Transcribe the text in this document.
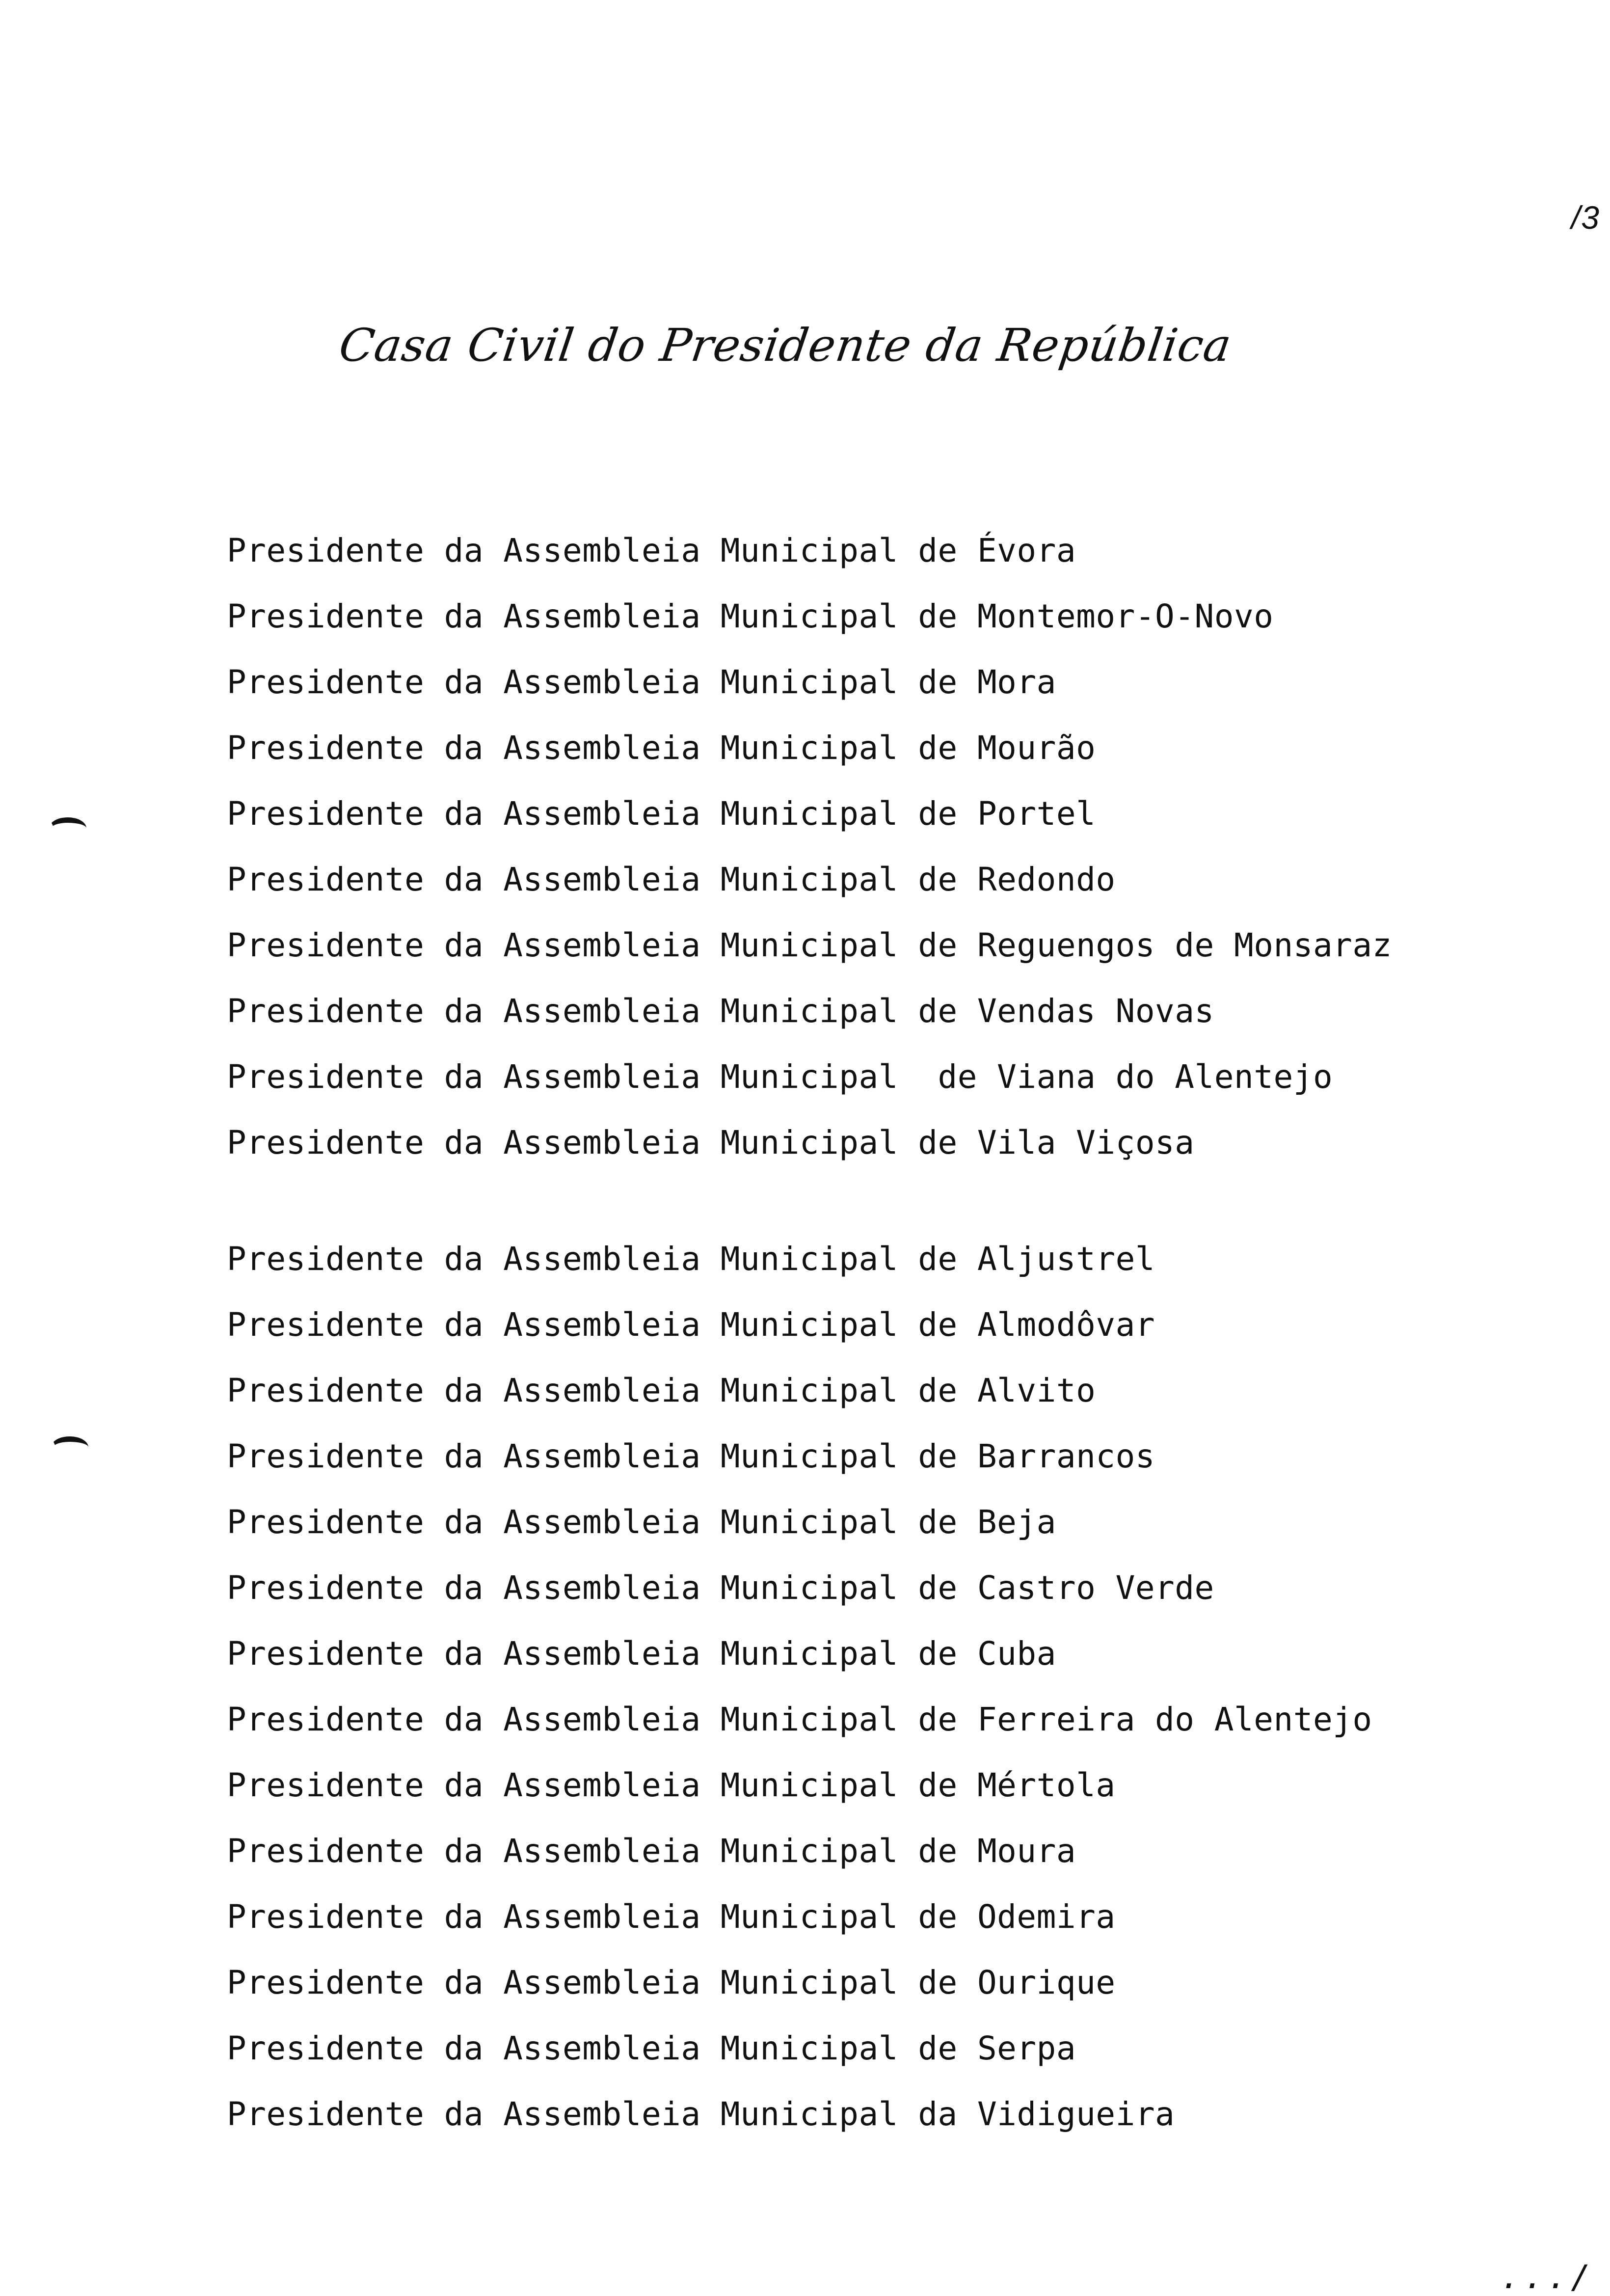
/3
Casa Civil do Presidente da República
Presidente da Assembleia Municipal de Évora
Presidente da Assembleia Municipal de Montemor-O-Novo
Presidente da Assembleia Municipal de Mora
Presidente da Assembleia Municipal de Mourão
Presidente da Assembleia Municipal de Portel
Presidente da Assembleia Municipal de Redondo
Presidente da Assembleia Municipal de Reguengos de Monsaraz
Presidente da Assembleia Municipal de Vendas Novas
Presidente da Assembleia Municipal  de Viana do Alentejo
Presidente da Assembleia Municipal de Vila Viçosa
Presidente da Assembleia Municipal de Aljustrel
Presidente da Assembleia Municipal de Almodôvar
Presidente da Assembleia Municipal de Alvito
Presidente da Assembleia Municipal de Barrancos
Presidente da Assembleia Municipal de Beja
Presidente da Assembleia Municipal de Castro Verde
Presidente da Assembleia Municipal de Cuba
Presidente da Assembleia Municipal de Ferreira do Alentejo
Presidente da Assembleia Municipal de Mértola
Presidente da Assembleia Municipal de Moura
Presidente da Assembleia Municipal de Odemira
Presidente da Assembleia Municipal de Ourique
Presidente da Assembleia Municipal de Serpa
Presidente da Assembleia Municipal da Vidigueira
.../
